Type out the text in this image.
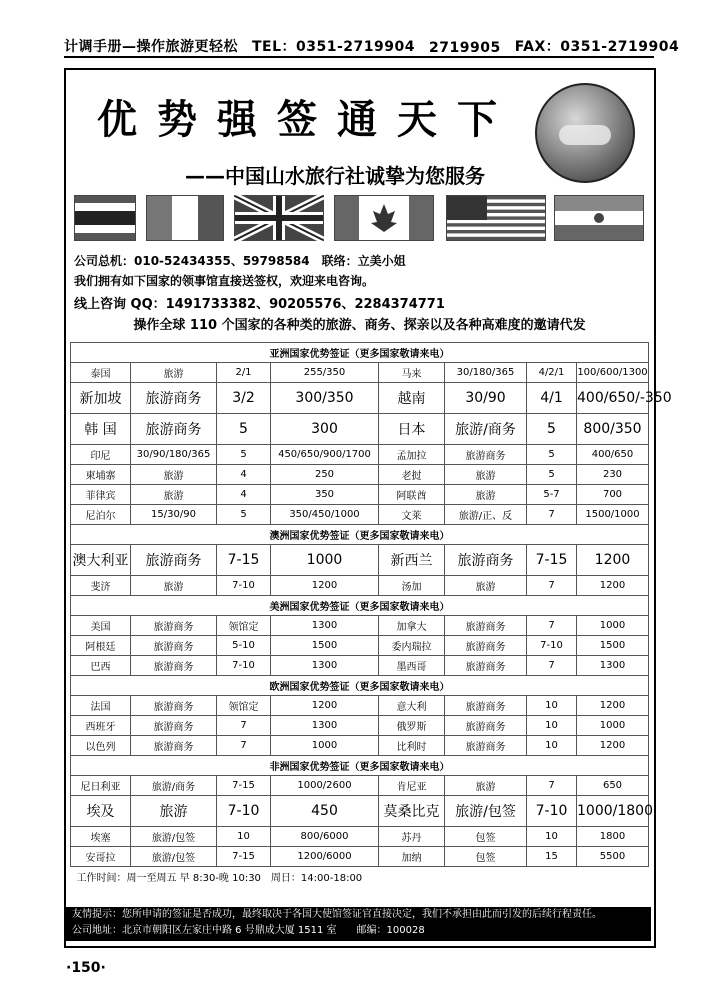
计调手册—操作旅游更轻松 TEL：0351-2719904 2719905 FAX：0351-2719904
优势强签通天下
——中国山水旅行社诚挚为您服务
公司总机：010-52434355、59798584　联络：立美小姐
我们拥有如下国家的领事馆直接送签权，欢迎来电咨询。
线上咨询 QQ：1491733382、90205576、2284374771
操作全球 110 个国家的各种类的旅游、商务、探亲以及各种高难度的邀请代发
亚洲国家优势签证（更多国家敬请来电）							
泰国	旅游	2/1	255/350	马来	30/180/365	4/2/1	100/600/1300
新加坡	旅游商务	3/2	300/350	越南	30/90	4/1	400/650/-350
韩 国	旅游商务	5	300	日本	旅游/商务	5	800/350
印尼	30/90/180/365	5	450/650/900/1700	孟加拉	旅游商务	5	400/650
柬埔寨	旅游	4	250	老挝	旅游	5	230
菲律宾	旅游	4	350	阿联酋	旅游	5-7	700
尼泊尔	15/30/90	5	350/450/1000	文莱	旅游/正、反	7	1500/1000
澳洲国家优势签证（更多国家敬请来电）							
澳大利亚	旅游商务	7-15	1000	新西兰	旅游商务	7-15	1200
斐济	旅游	7-10	1200	汤加	旅游	7	1200
美洲国家优势签证（更多国家敬请来电）							
美国	旅游商务	领馆定	1300	加拿大	旅游商务	7	1000
阿根廷	旅游商务	5-10	1500	委内瑞拉	旅游商务	7-10	1500
巴西	旅游商务	7-10	1300	墨西哥	旅游商务	7	1300
欧洲国家优势签证（更多国家敬请来电）							
法国	旅游商务	领馆定	1200	意大利	旅游商务	10	1200
西班牙	旅游商务	7	1300	俄罗斯	旅游商务	10	1000
以色列	旅游商务	7	1000	比利时	旅游商务	10	1200
非洲国家优势签证（更多国家敬请来电）							
尼日利亚	旅游/商务	7-15	1000/2600	肯尼亚	旅游	7	650
埃及	旅游	7-10	450	莫桑比克	旅游/包签	7-10	1000/1800
埃塞	旅游/包签	10	800/6000	苏丹	包签	10	1800
安哥拉	旅游/包签	7-15	1200/6000	加纳	包签	15	5500
工作时间：周一至周五 早 8:30-晚 10:30　周日：14:00-18:00							
友情提示：您所申请的签证是否成功，最终取决于各国大使馆签证官直接决定，我们不承担由此而引发的后续行程责任。
公司地址：北京市朝阳区左家庄中路 6 号鼎成大厦 1511 室　　邮编：100028
·150·
